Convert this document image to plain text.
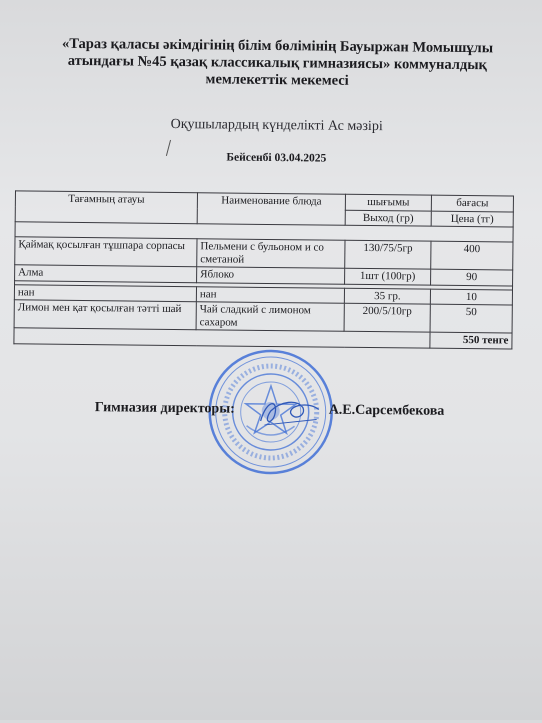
«Тараз қаласы әкімдігінің білім бөлімінің Бауыржан Момышұлы
атындағы №45 қазақ классикалық гимназиясы» коммуналдық
мемлекеттік мекемесі
Оқушылардың күнделікті Ас мәзірі
Бейсенбі 03.04.2025
Тағамның атауы	Наименование блюда	шығымы	бағасы
		Выход (гр)	Цена (тг)

Қаймақ қосылған тұшпара сорпасы	Пельмени с бульоном и со сметаной	130/75/5гр	400
Алма	Яблоко	1шт (100гр)	90

нан	нан	35 гр.	10
Лимон мен қат қосылған тәтті шай	Чай сладкий с лимоном сахаром	200/5/10гр	50
			550 тенге
Гимназия директоры:	А.Е.Сарсембекова
